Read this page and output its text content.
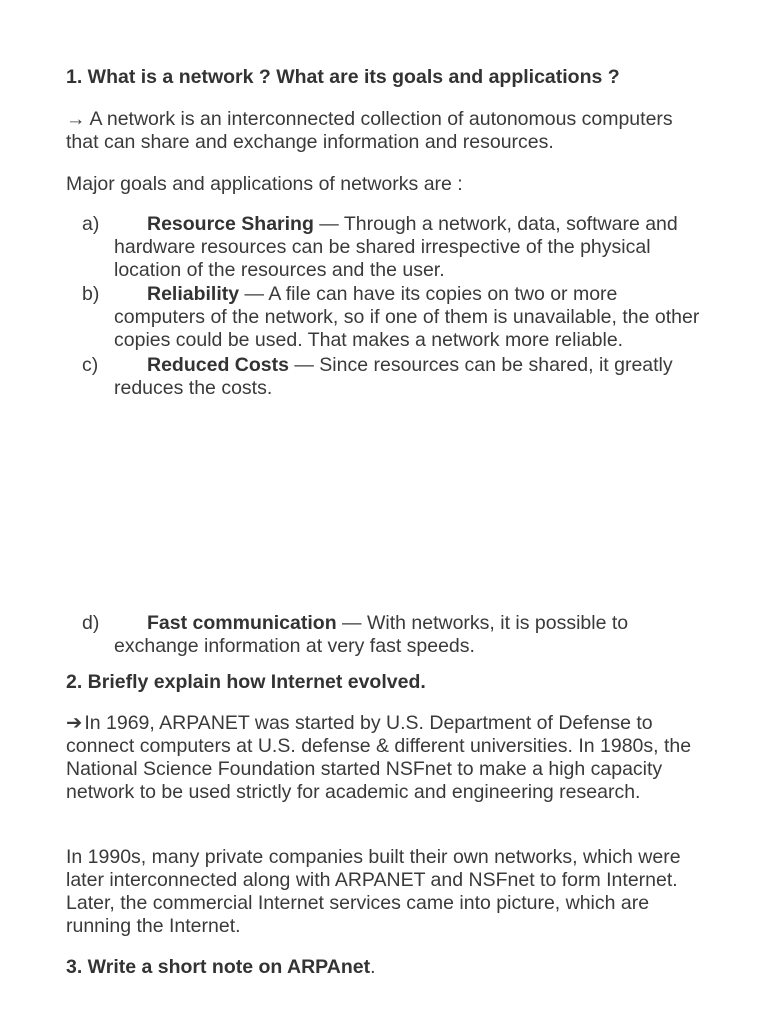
1. What is a network ? What are its goals and applications ?
→ A network is an interconnected collection of autonomous computers that can share and exchange information and resources.
Major goals and applications of networks are :
a)	Resource Sharing — Through a network, data, software and hardware resources can be shared irrespective of the physical location of the resources and the user.
b)	Reliability — A file can have its copies on two or more computers of the network, so if one of them is unavailable, the other copies could be used. That makes a network more reliable.
c)	Reduced Costs — Since resources can be shared, it greatly reduces the costs.
d)	Fast communication — With networks, it is possible to exchange information at very fast speeds.
2. Briefly explain how Internet evolved.
➔ In 1969, ARPANET was started by U.S. Department of Defense to connect computers at U.S. defense & different universities. In 1980s, the National Science Foundation started NSFnet to make a high capacity network to be used strictly for academic and engineering research.
In 1990s, many private companies built their own networks, which were later interconnected along with ARPANET and NSFnet to form Internet. Later, the commercial Internet services came into picture, which are running the Internet.
3. Write a short note on ARPAnet.
